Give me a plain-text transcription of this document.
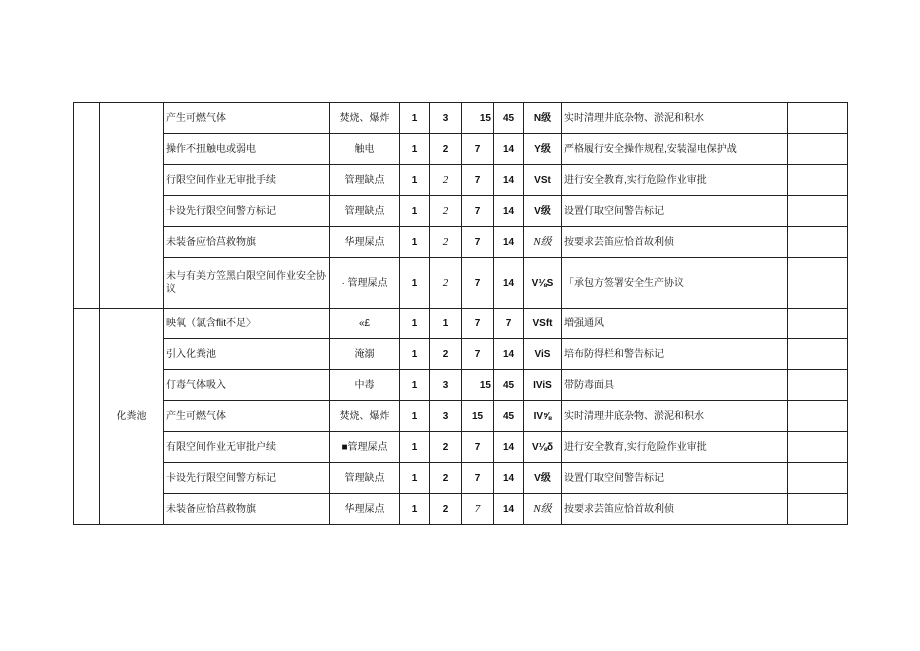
		产生可燃气体	焚烧、爆炸	1	3	15	45	N级	实时清理井底杂物、淤泥和积水	
		操作不扭触电或弱电	触电	1	2	7	14	Y级	严格履行安全操作规程,安装湿电保护战	
		行限空间作业无审批手续	管理缺点	1	2	7	14	VSt	进行安全教育,实行危险作业审批	
		卡设先行限空间警方标记	管理缺点	1	2	7	14	V级	设置仃取空间警告标记	
		未装备应恰莒救物旗	华理屎点	1	2	7	14	N级	按要求芸笛应恰首故利侦	
		未与有美方笠黑白限空间作业安全协议	· 管理屎点	1	2	7	14	V⅛S	「承包方签署安全生产协议	
	化粪池	映氧（氯含flit不足〉	«£	1	1	7	7	VSft	増强通风	
		引入化粪池	淹溺	1	2	7	14	ViS	培布防得栏和警告标记	
		仃毒气体吸入	中毒	1	3	15	45	IViS	带防毒面具	
		产生可燃气体	焚烧、爆炸	1	3	15	45	IV⅝	实时清理井底杂物、淤泥和积水	
		有限空间作业无审批户续	■管理屎点	1	2	7	14	V⅛δ	进行安全教育,实行危险作业审批	
		卡设先行限空间警方标记	管理缺点	1	2	7	14	V级	设置仃取空间警告标记	
		未装备应恰莒救物旗	华理屎点	1	2	7	14	N级	按要求芸笛应恰首故利侦	
